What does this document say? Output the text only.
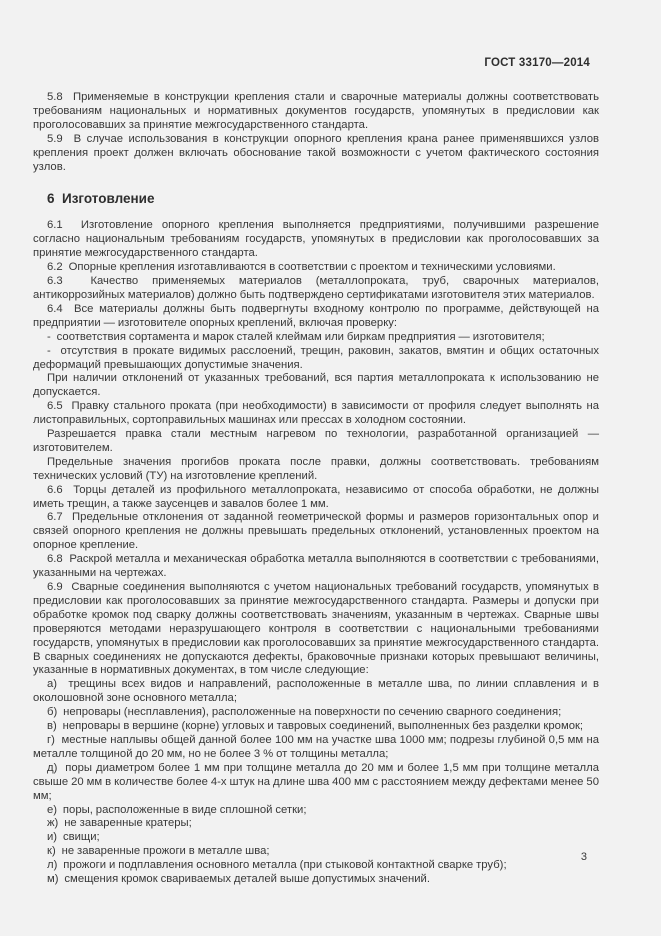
ГОСТ 33170—2014

5.8  Применяемые в конструкции крепления стали и сварочные материалы должны соответствовать требованиям национальных и нормативных документов государств, упомянутых в предисловии как проголосовавших за принятие межгосударственного стандарта.

5.9  В случае использования в конструкции опорного крепления крана ранее применявшихся узлов крепления проект должен включать обоснование такой возможности с учетом фактического состояния узлов.

6  Изготовление

6.1  Изготовление опорного крепления выполняется предприятиями, получившими разрешение согласно национальным требованиям государств, упомянутых в предисловии как проголосовавших за принятие межгосударственного стандарта.

6.2  Опорные крепления изготавливаются в соответствии с проектом и техническими условиями.

6.3  Качество применяемых материалов (металлопроката, труб, сварочных материалов, антикоррозийных материалов) должно быть подтверждено сертификатами изготовителя этих материалов.

6.4  Все материалы должны быть подвергнуты входному контролю по программе, действующей на предприятии — изготовителе опорных креплений, включая проверку:

-  соответствия сортамента и марок сталей клеймам или биркам предприятия — изготовителя;

-  отсутствия в прокате видимых расслоений, трещин, раковин, закатов, вмятин и общих остаточных деформаций превышающих допустимые значения.

При наличии отклонений от указанных требований, вся партия металлопроката к использованию не допускается.

6.5  Правку стального проката (при необходимости) в зависимости от профиля следует выполнять на листоправильных, сортоправильных машинах или прессах в холодном состоянии.

Разрешается правка стали местным нагревом по технологии, разработанной организацией — изготовителем.

Предельные значения прогибов проката после правки, должны соответствовать. требованиям технических условий (ТУ) на изготовление креплений.

6.6  Торцы деталей из профильного металлопроката, независимо от способа обработки, не должны иметь трещин, а также заусенцев и завалов более 1 мм.

6.7  Предельные отклонения от заданной геометрической формы и размеров горизонтальных опор и связей опорного крепления не должны превышать предельных отклонений, установленных проектом на опорное крепление.

6.8  Раскрой металла и механическая обработка металла выполняются в соответствии с требованиями, указанными на чертежах.

6.9  Сварные соединения выполняются с учетом национальных требований государств, упомянутых в предисловии как проголосовавших за принятие межгосударственного стандарта. Размеры и допуски при обработке кромок под сварку должны соответствовать значениям, указанным в чертежах. Сварные швы проверяются методами неразрушающего контроля в соответствии с национальными требованиями государств, упомянутых в предисловии как проголосовавших за принятие межгосударственного стандарта. В сварных соединениях не допускаются дефекты, браковочные признаки которых превышают величины, указанные в нормативных документах, в том числе следующие:

а)  трещины всех видов и направлений, расположенные в металле шва, по линии сплавления и в околошовной зоне основного металла;

б)  непровары (несплавления), расположенные на поверхности по сечению сварного соединения;

в)  непровары в вершине (корне) угловых и тавровых соединений, выполненных без разделки кромок;

г)  местные наплывы общей данной более 100 мм на участке шва 1000 мм; подрезы глубиной 0,5 мм на металле толщиной до 20 мм, но не более 3 % от толщины металла;

д)  поры диаметром более 1 мм при толщине металла до 20 мм и более 1,5 мм при толщине металла свыше 20 мм в количестве более 4-х штук на длине шва 400 мм с расстоянием между дефектами менее 50 мм;

е)  поры, расположенные в виде сплошной сетки;

ж)  не заваренные кратеры;

и)  свищи;

к)  не заваренные прожоги в металле шва;

л)  прожоги и подплавления основного металла (при стыковой контактной сварке труб);

м)  смещения кромок свариваемых деталей выше допустимых значений.

3
